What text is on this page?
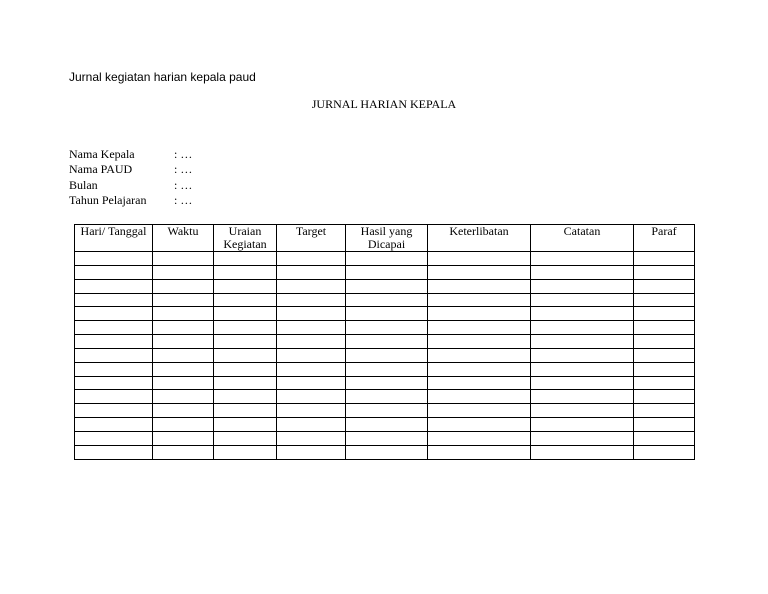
Jurnal kegiatan harian kepala paud
JURNAL HARIAN KEPALA
Nama Kepala	: …
Nama PAUD	: …
Bulan	: …
Tahun Pelajaran	: …
Hari/ Tanggal	Waktu	Uraian Kegiatan	Target	Hasil yang Dicapai	Keterlibatan	Catatan	Paraf
